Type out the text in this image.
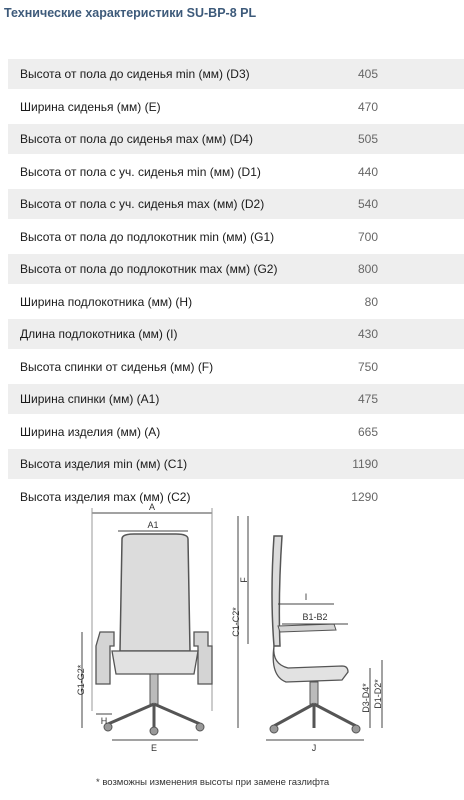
Технические характеристики SU-BP-8 PL
Высота от пола до сиденья min (мм) (D3)	405
Ширина сиденья (мм) (E)	470
Высота от пола до сиденья max (мм) (D4)	505
Высота от пола с уч. сиденья min (мм) (D1)	440
Высота от пола с уч. сиденья max (мм) (D2)	540
Высота от пола до подлокотник min (мм) (G1)	700
Высота от пола до подлокотник max (мм) (G2)	800
Ширина подлокотника (мм) (H)	80
Длина подлокотника (мм) (I)	430
Высота спинки от сиденья (мм) (F)	750
Ширина спинки (мм) (A1)	475
Ширина изделия (мм) (A)	665
Высота изделия min (мм) (C1)	1190
Высота изделия max (мм) (C2)	1290
A
A1
G1-G2*
H
E
F
C1-C2*
I
B1-B2
D3-D4* D1-D2*
J
* возможны изменения высоты при замене газлифта
